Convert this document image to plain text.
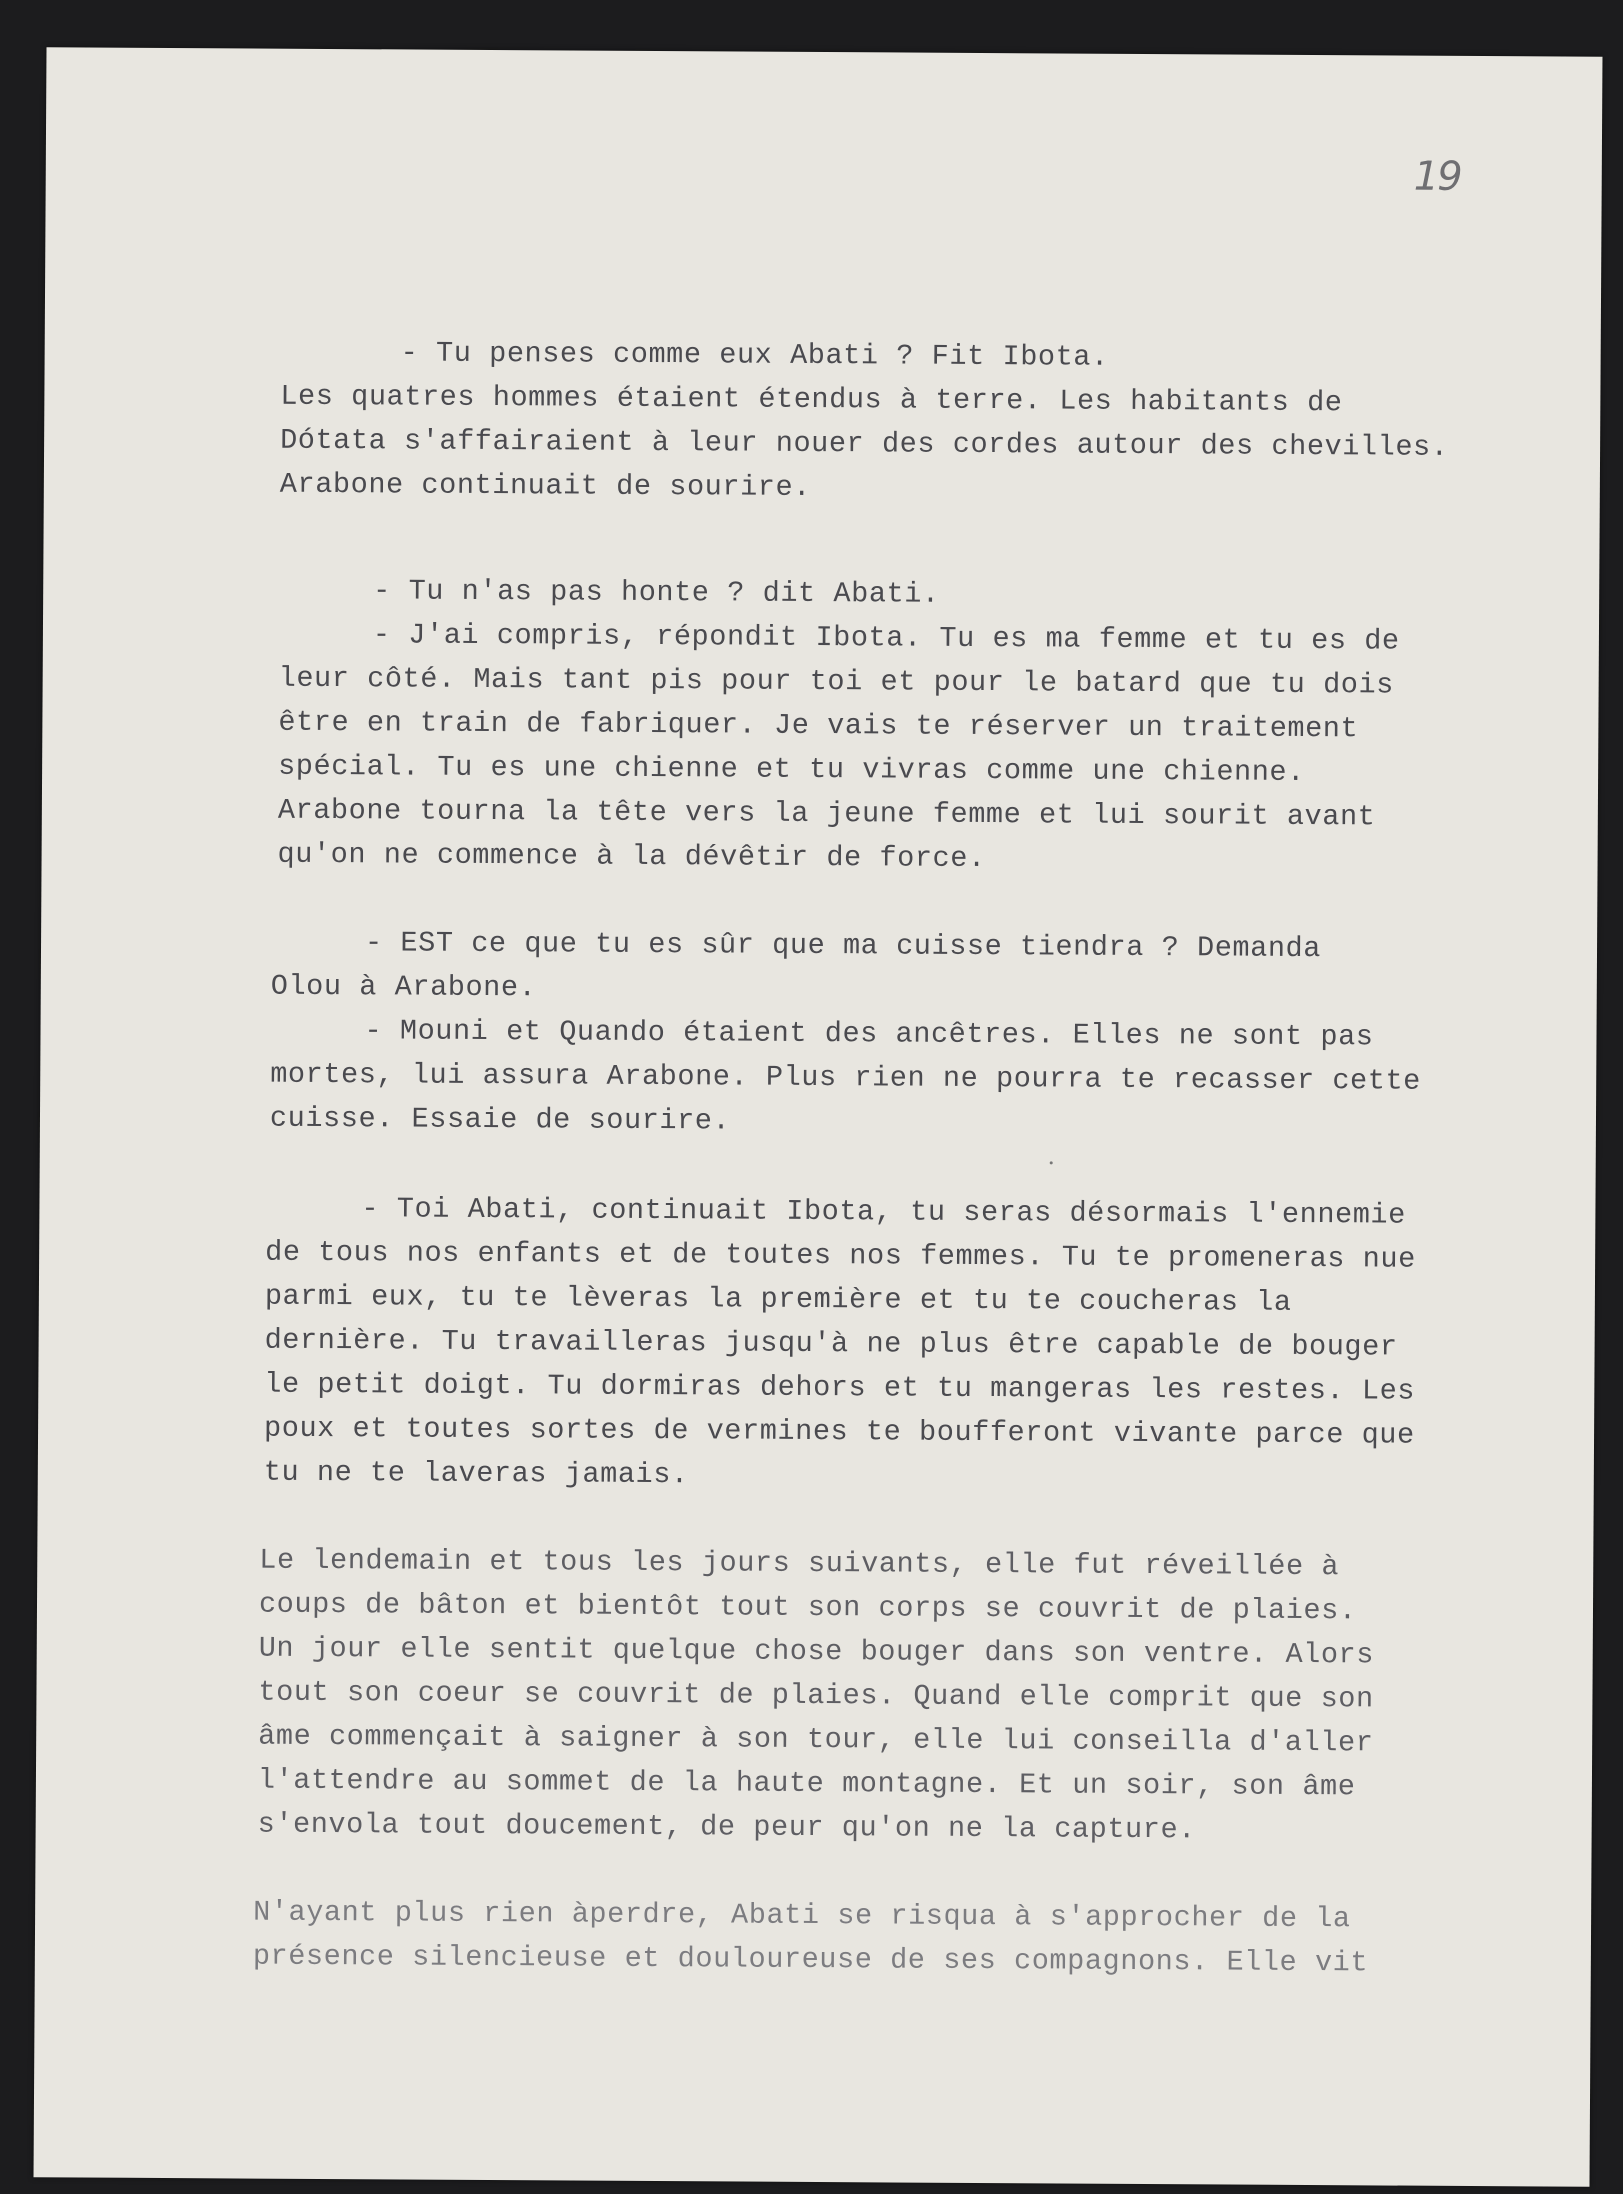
19
- Tu penses comme eux Abati ? Fit Ibota.
Les quatres hommes étaient étendus à terre. Les habitants de
Dótata s'affairaient à leur nouer des cordes autour des chevilles.
Arabone continuait de sourire.
- Tu n'as pas honte ? dit Abati.
- J'ai compris, répondit Ibota. Tu es ma femme et tu es de
leur côté. Mais tant pis pour toi et pour le batard que tu dois
être en train de fabriquer. Je vais te réserver un traitement
spécial. Tu es une chienne et tu vivras comme une chienne.
Arabone tourna la tête vers la jeune femme et lui sourit avant
qu'on ne commence à la dévêtir de force.
- EST ce que tu es sûr que ma cuisse tiendra ? Demanda
Olou à Arabone.
- Mouni et Quando étaient des ancêtres. Elles ne sont pas
mortes, lui assura Arabone. Plus rien ne pourra te recasser cette
cuisse. Essaie de sourire.
- Toi Abati, continuait Ibota, tu seras désormais l'ennemie
de tous nos enfants et de toutes nos femmes. Tu te promeneras nue
parmi eux, tu te lèveras la première et tu te coucheras la
dernière. Tu travailleras jusqu'à ne plus être capable de bouger
le petit doigt. Tu dormiras dehors et tu mangeras les restes. Les
poux et toutes sortes de vermines te boufferont vivante parce que
tu ne te laveras jamais.
Le lendemain et tous les jours suivants, elle fut réveillée à
coups de bâton et bientôt tout son corps se couvrit de plaies.
Un jour elle sentit quelque chose bouger dans son ventre. Alors
tout son coeur se couvrit de plaies. Quand elle comprit que son
âme commençait à saigner à son tour, elle lui conseilla d'aller
l'attendre au sommet de la haute montagne. Et un soir, son âme
s'envola tout doucement, de peur qu'on ne la capture.
N'ayant plus rien àperdre, Abati se risqua à s'approcher de la
présence silencieuse et douloureuse de ses compagnons. Elle vit
